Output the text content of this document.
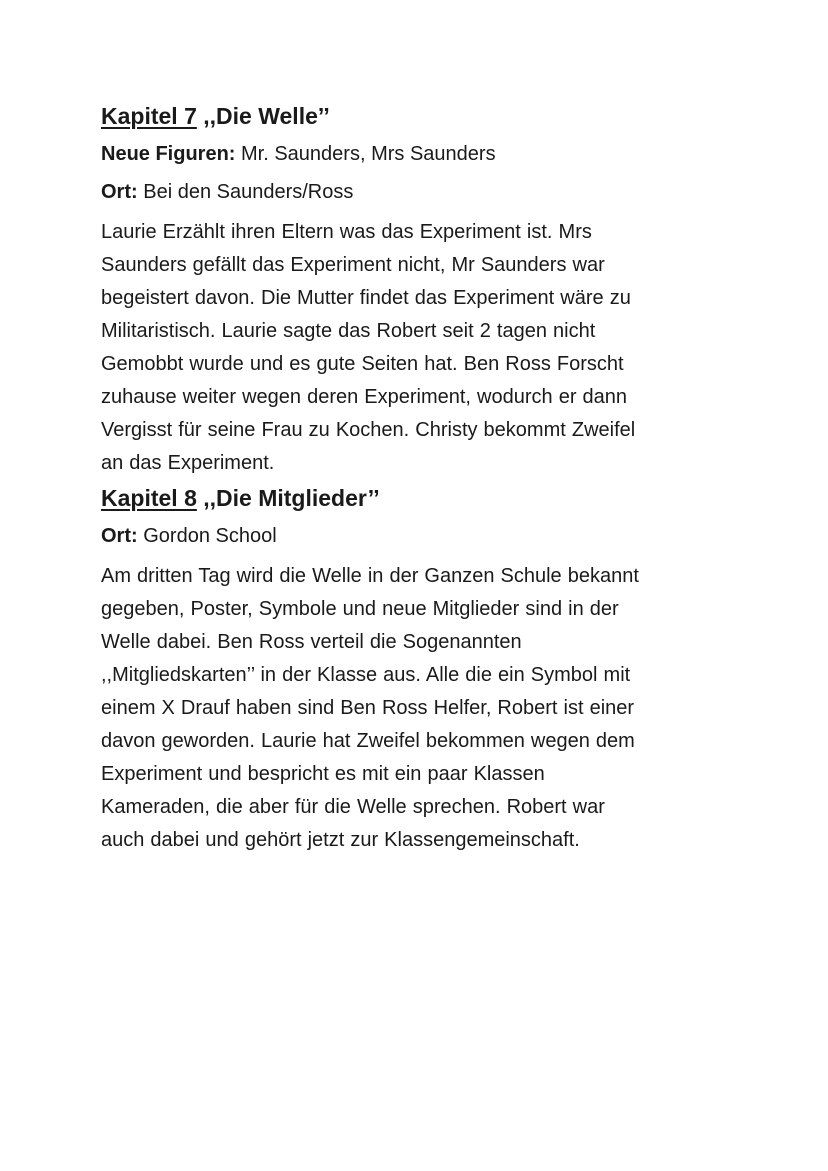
Kapitel 7 ,,Die Welle’’

Neue Figuren: Mr. Saunders, Mrs Saunders

Ort: Bei den Saunders/Ross

Laurie Erzählt ihren Eltern was das Experiment ist. Mrs
Saunders gefällt das Experiment nicht, Mr Saunders war
begeistert davon. Die Mutter findet das Experiment wäre zu
Militaristisch. Laurie sagte das Robert seit 2 tagen nicht
Gemobbt wurde und es gute Seiten hat. Ben Ross Forscht
zuhause weiter wegen deren Experiment, wodurch er dann
Vergisst für seine Frau zu Kochen. Christy bekommt Zweifel
an das Experiment.

Kapitel 8 ,,Die Mitglieder’’

Ort: Gordon School

Am dritten Tag wird die Welle in der Ganzen Schule bekannt
gegeben, Poster, Symbole und neue Mitglieder sind in der
Welle dabei. Ben Ross verteil die Sogenannten
,,Mitgliedskarten’’ in der Klasse aus. Alle die ein Symbol mit
einem X Drauf haben sind Ben Ross Helfer, Robert ist einer
davon geworden. Laurie hat Zweifel bekommen wegen dem
Experiment und bespricht es mit ein paar Klassen
Kameraden, die aber für die Welle sprechen. Robert war
auch dabei und gehört jetzt zur Klassengemeinschaft.
